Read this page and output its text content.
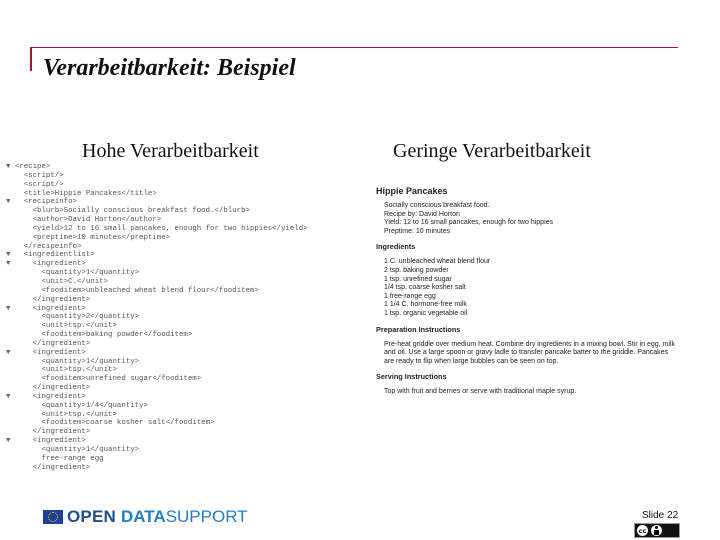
Verarbeitbarkeit: Beispiel
Hohe Verarbeitbarkeit	Geringe Verarbeitbarkeit
▼ <recipe>
<script/>
<script/>
<title>Hippie Pancakes</title>
▼   <recipeinfo>
<blurb>Socially conscious breakfast food.</blurb>
<author>David Horton</author>
<yield>12 to 16 small pancakes, enough for two hippies</yield>
<preptime>10 minutes</preptime>
</recipeinfo>
▼   <ingredientlist>
▼     <ingredient>
<quantity>1</quantity>
<unit>C.</unit>
<fooditem>unbleached wheat blend flour</fooditem>
</ingredient>
▼     <ingredient>
<quantity>2</quantity>
<unit>tsp.</unit>
<fooditem>baking powder</fooditem>
</ingredient>
▼     <ingredient>
<quantity>1</quantity>
<unit>tsp.</unit>
<fooditem>unrefined sugar</fooditem>
</ingredient>
▼     <ingredient>
<quantity>1/4</quantity>
<unit>tsp.</unit>
<fooditem>coarse kosher salt</fooditem>
</ingredient>
▼     <ingredient>
<quantity>1</quantity>
free-range egg
</ingredient>
Hippie Pancakes
Socially conscious breakfast food.
Recipe by: David Horton
Yield: 12 to 16 small pancakes, enough for two hippies
Preptime: 10 minutes
Ingredients
1 C. unbleached wheat blend flour
2 tsp. baking powder
1 tsp. unrefined sugar
1/4 tsp. coarse kosher salt
1 free-range egg
1 1/4 C. hormone-free milk
1 tsp. organic vegetable oil
Preparation Instructions
Pre-heat griddle over medium heat. Combine dry ingredients in a mixing bowl. Stir in egg, milk and oil. Use a large spoon or gravy ladle to transfer pancake batter to the griddle. Pancakes are ready to flip when large bubbles can be seen on top.
Serving Instructions
Top with fruit and berries or serve with traditional maple syrup.
OPEN DATA SUPPORT	Slide 22
cc
